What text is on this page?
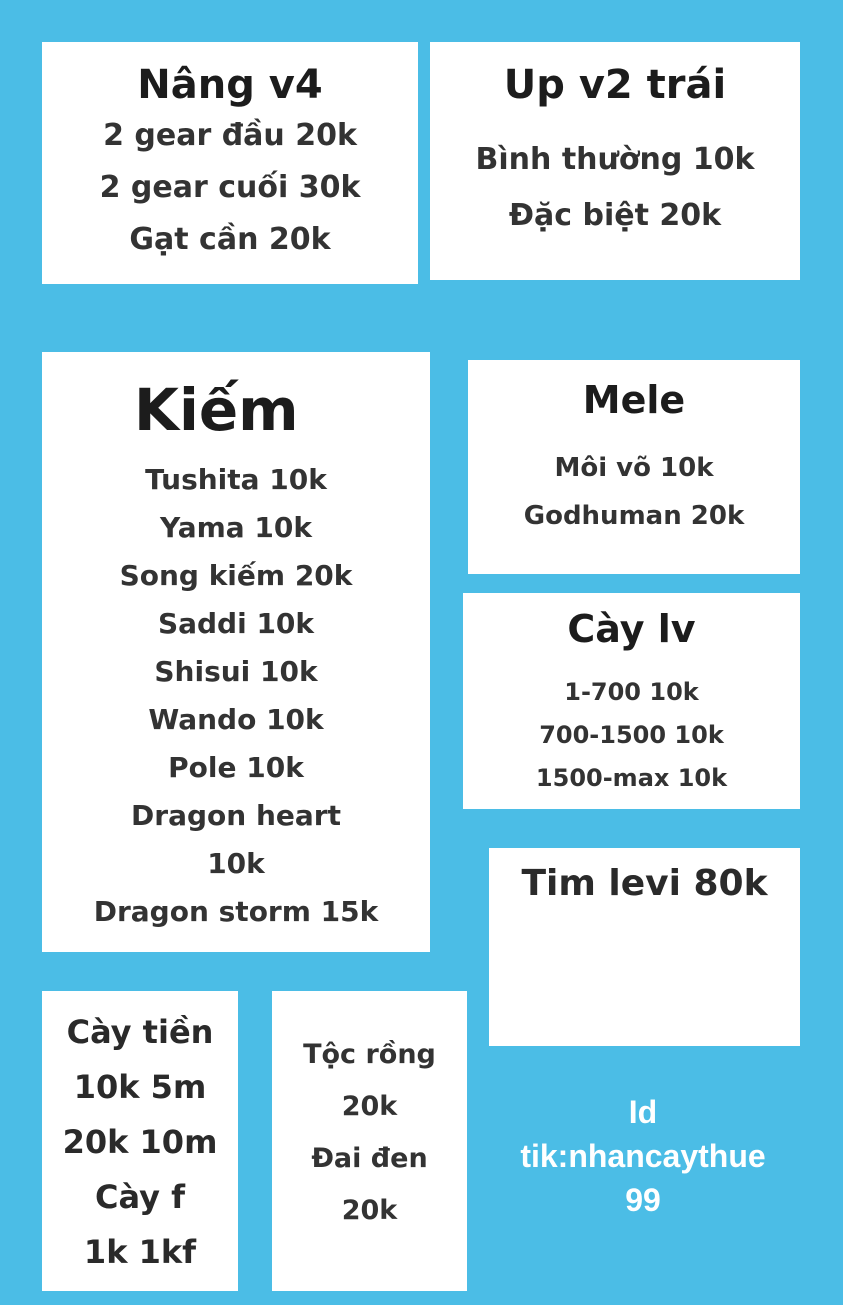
Nâng v4
2 gear đầu 20k
2 gear cuối 30k
Gạt cần 20k
Up v2 trái
Bình thường 10k
Đặc biệt 20k
Kiếm
Tushita 10k
Yama 10k
Song kiếm 20k
Saddi 10k
Shisui 10k
Wando 10k
Pole 10k
Dragon heart
10k
Dragon storm 15k
Mele
Môi võ 10k
Godhuman 20k
Cày lv
1-700 10k
700-1500 10k
1500-max 10k
Tim levi 80k
Cày tiền
10k 5m
20k 10m
Cày f
1k 1kf
Tộc rồng
20k
Đai đen
20k
Id
tik:nhancaythue
99
